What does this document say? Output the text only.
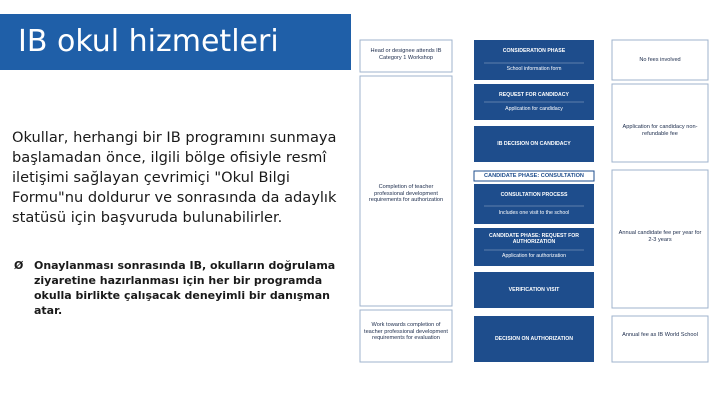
IB okul hizmetleri
Okullar, herhangi bir IB programını sunmaya başlamadan önce, ilgili bölge ofisiyle resmî iletişimi sağlayan çevrimiçi "Okul Bilgi Formu"nu doldurur ve sonrasında da adaylık statüsü için başvuruda bulunabilirler.
Ø Onaylanması sonrasında IB, okulların doğrulama ziyaretine hazırlanması için her bir programda okulla birlikte çalışacak deneyimli bir danışman atar.
Head or designee attends IB Category 1 Workshop
Completion of teacher professional development requirements for authorization
Work towards completion of teacher professional development requirements for evaluation
CONSIDERATION PHASE
School information form
REQUEST FOR CANDIDACY
Application for candidacy
IB DECISION ON CANDIDACY
CANDIDATE PHASE: CONSULTATION
CONSULTATION PROCESS
Includes one visit to the school
CANDIDATE PHASE: REQUEST FOR AUTHORIZATION
Application for authorization
VERIFICATION VISIT
DECISION ON AUTHORIZATION
No fees involved
Application for candidacy non-refundable fee
Annual candidate fee per year for 2-3 years
Annual fee as IB World School
